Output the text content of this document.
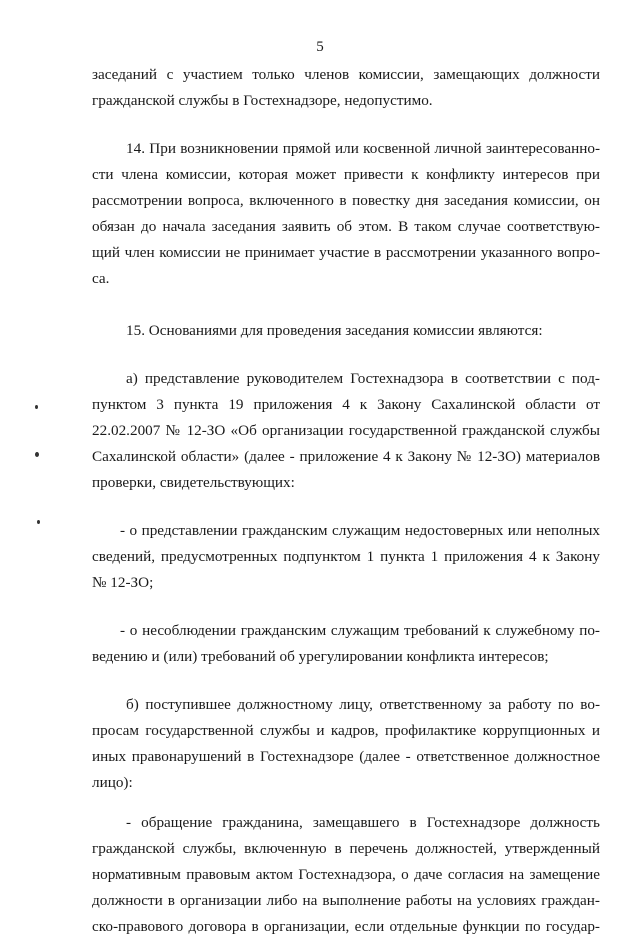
5
заседаний с участием только членов комиссии, замещающих должности
гражданской службы в Гостехнадзоре, недопустимо.
14. При возникновении прямой или косвенной личной заинтересованно-
сти члена комиссии, которая может привести к конфликту интересов при
рассмотрении вопроса, включенного в повестку дня заседания комиссии, он
обязан до начала заседания заявить об этом. В таком случае соответствую-
щий член комиссии не принимает участие в рассмотрении указанного вопро-
са.
15. Основаниями для проведения заседания комиссии являются:
а) представление руководителем Гостехнадзора в соответствии с под-
пунктом 3 пункта 19 приложения 4 к Закону Сахалинской области от
22.02.2007 № 12-ЗО «Об организации государственной гражданской службы
Сахалинской области» (далее - приложение 4 к Закону № 12-ЗО) материалов
проверки, свидетельствующих:
- о представлении гражданским служащим недостоверных или неполных
сведений, предусмотренных подпунктом 1 пункта 1 приложения 4 к Закону
№ 12-ЗО;
- о несоблюдении гражданским служащим требований к служебному по-
ведению и (или) требований об урегулировании конфликта интересов;
б) поступившее должностному лицу, ответственному за работу по во-
просам государственной службы и кадров, профилактике коррупционных и
иных правонарушений в Гостехнадзоре (далее - ответственное должностное
лицо):
- обращение гражданина, замещавшего в Гостехнадзоре должность
гражданской службы, включенную в перечень должностей, утвержденный
нормативным правовым актом Гостехнадзора, о даче согласия на замещение
должности в организации либо на выполнение работы на условиях граждан-
ско-правового договора в организации, если отдельные функции по государ-
